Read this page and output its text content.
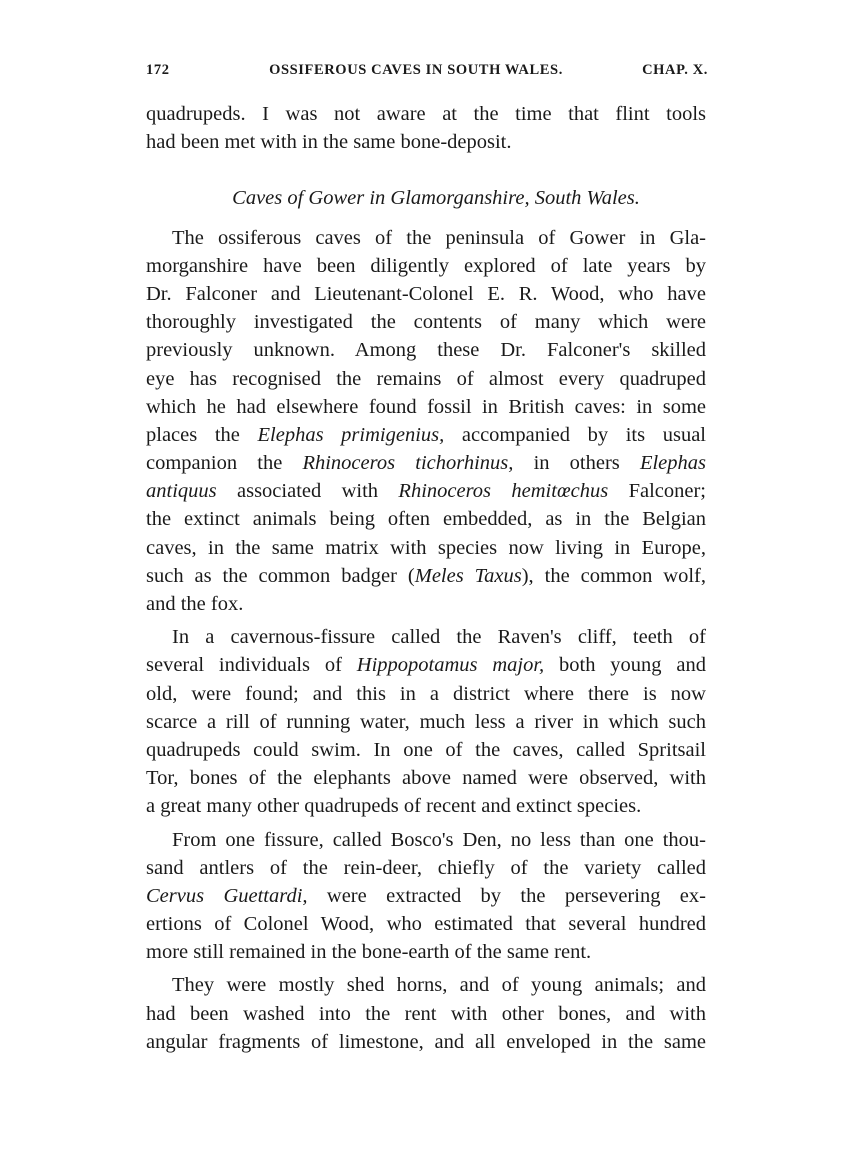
172	OSSIFEROUS CAVES IN SOUTH WALES.	CHAP. X.
quadrupeds. I was not aware at the time that flint tools
had been met with in the same bone-deposit.
Caves of Gower in Glamorganshire, South Wales.
The ossiferous caves of the peninsula of Gower in Gla-
morganshire have been diligently explored of late years by
Dr. Falconer and Lieutenant-Colonel E. R. Wood, who have
thoroughly investigated the contents of many which were
previously unknown. Among these Dr. Falconer's skilled
eye has recognised the remains of almost every quadruped
which he had elsewhere found fossil in British caves: in some
places the Elephas primigenius, accompanied by its usual
companion the Rhinoceros tichorhinus, in others Elephas
antiquus associated with Rhinoceros hemitœchus Falconer;
the extinct animals being often embedded, as in the Belgian
caves, in the same matrix with species now living in Europe,
such as the common badger (Meles Taxus), the common wolf,
and the fox.
In a cavernous-fissure called the Raven's cliff, teeth of
several individuals of Hippopotamus major, both young and
old, were found; and this in a district where there is now
scarce a rill of running water, much less a river in which such
quadrupeds could swim. In one of the caves, called Spritsail
Tor, bones of the elephants above named were observed, with
a great many other quadrupeds of recent and extinct species.
From one fissure, called Bosco's Den, no less than one thou-
sand antlers of the rein-deer, chiefly of the variety called
Cervus Guettardi, were extracted by the persevering ex-
ertions of Colonel Wood, who estimated that several hundred
more still remained in the bone-earth of the same rent.
They were mostly shed horns, and of young animals; and
had been washed into the rent with other bones, and with
angular fragments of limestone, and all enveloped in the same
